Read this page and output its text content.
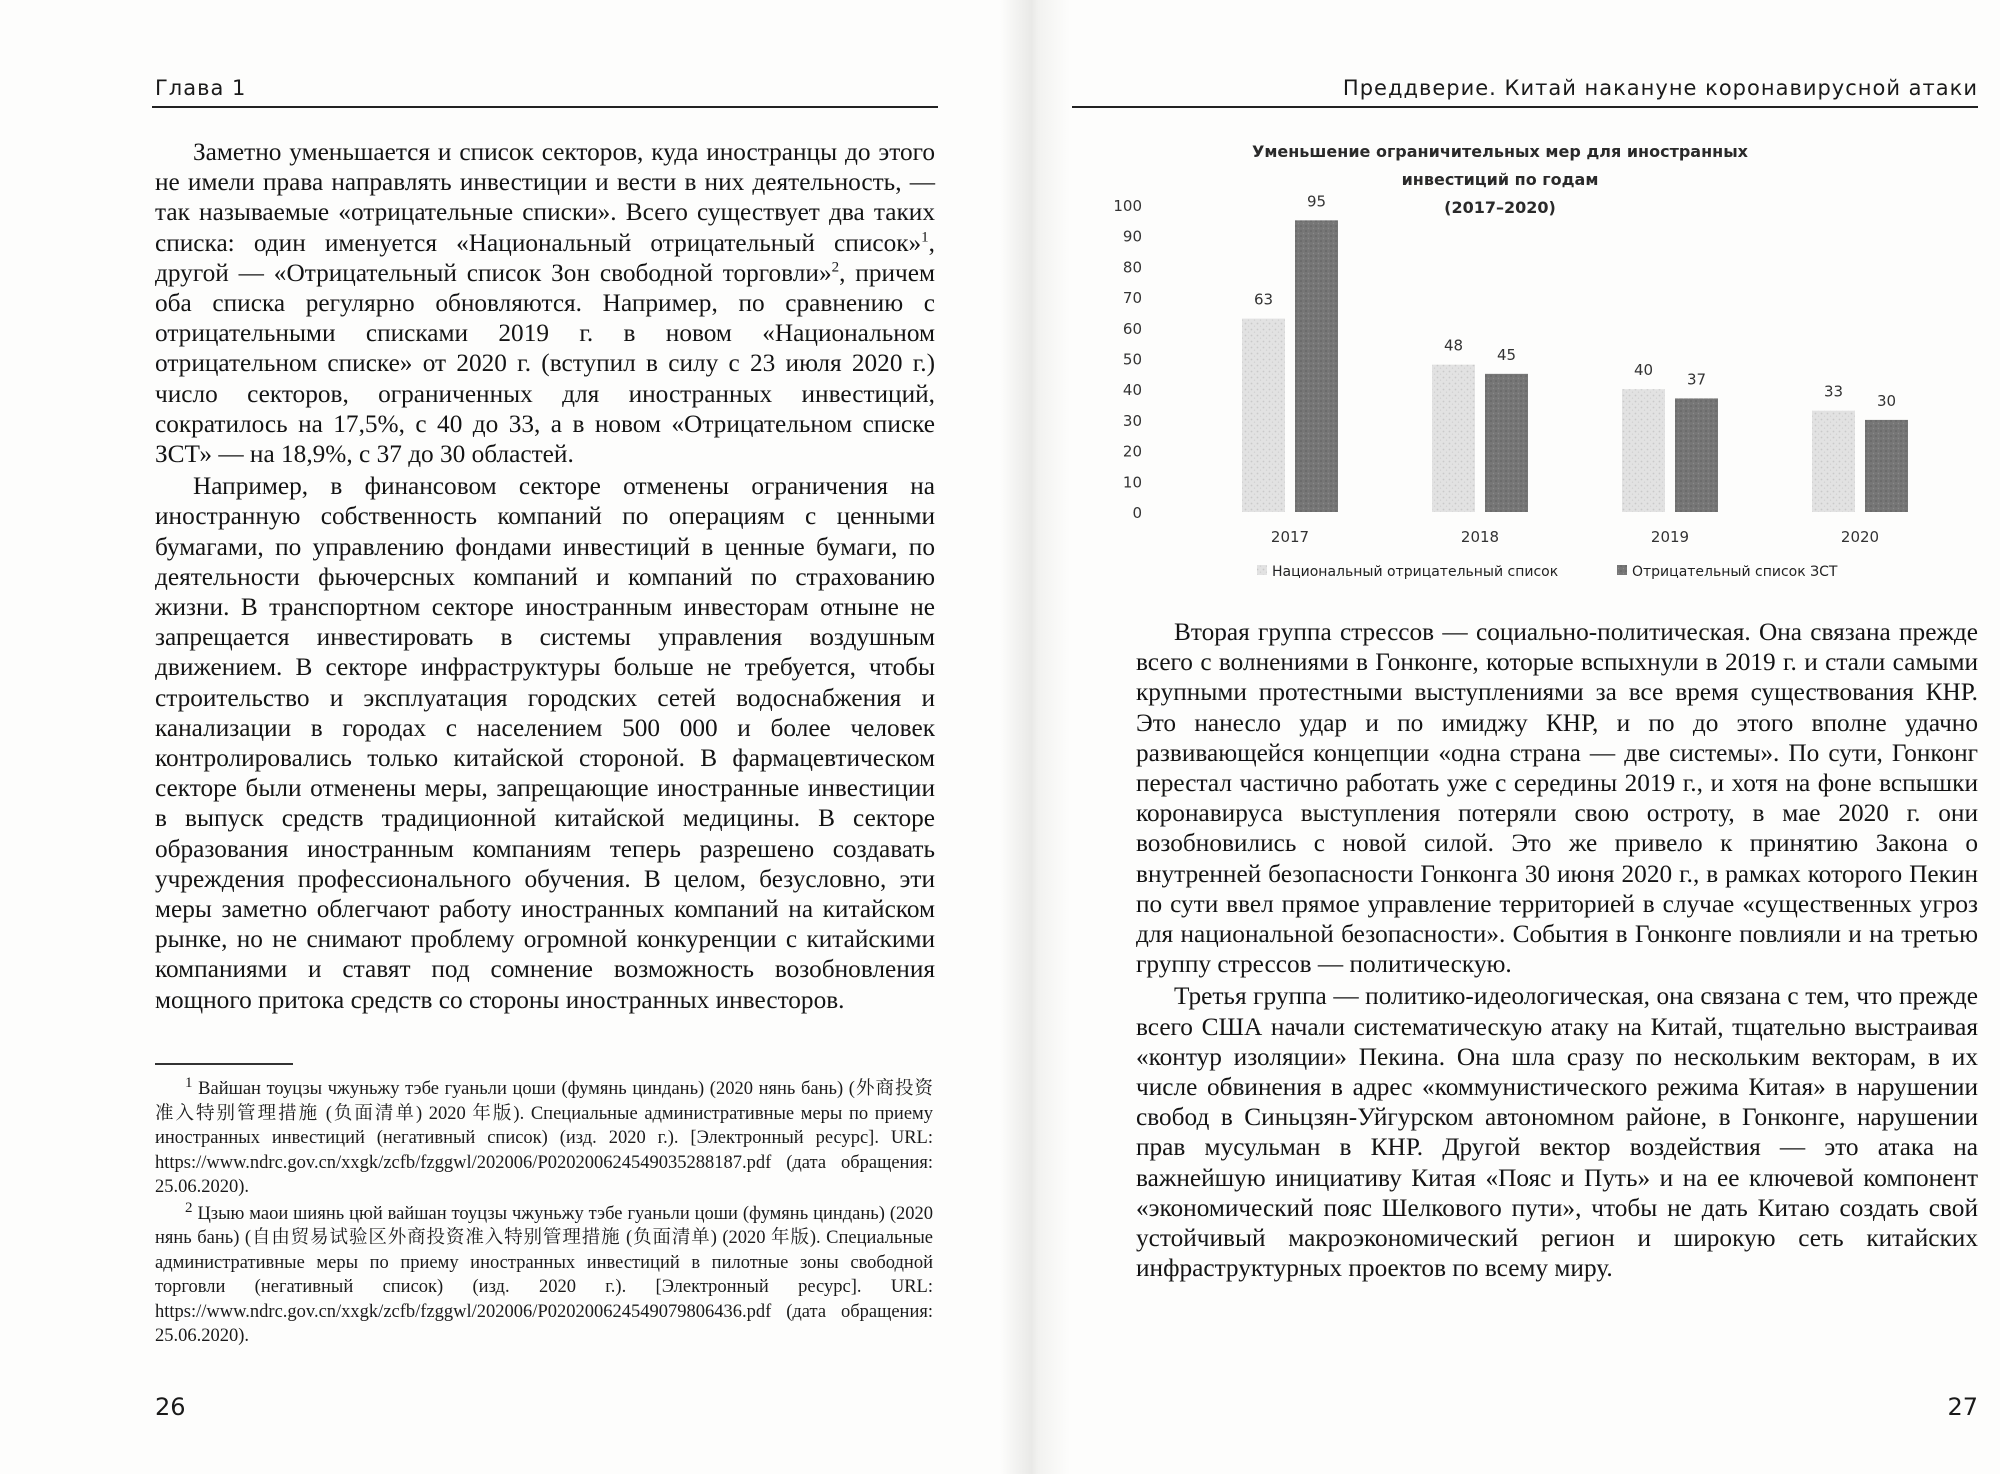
Глава 1

Заметно уменьшается и список секторов, куда иностранцы до этого не имели права направлять инвестиции и вести в них деятельность, — так называемые «отрицательные списки». Всего существует два таких списка: один именуется «Национальный отрицательный список»$^1$, другой — «Отрицательный список Зон свободной торговли»$^2$, причем оба списка регулярно обновляются. Например, по сравнению с отрицательными списками 2019 г. в новом «Национальном отрицательном списке» от 2020 г. (вступил в силу с 23 июля 2020 г.) число секторов, ограниченных для иностранных инвестиций, сократилось на 17,5%, с 40 до 33, а в новом «Отрицательном списке ЗСТ» — на 18,9%, с 37 до 30 областей.

Например, в финансовом секторе отменены ограничения на иностранную собственность компаний по операциям с ценными бумагами, по управлению фондами инвестиций в ценные бумаги, по деятельности фьючерсных компаний и компаний по страхованию жизни. В транспортном секторе иностранным инвесторам отныне не запрещается инвестировать в системы управления воздушным движением. В секторе инфраструктуры больше не требуется, чтобы строительство и эксплуатация городских сетей водоснабжения и канализации в городах с населением 500 000 и более человек контролировались только китайской стороной. В фармацевтическом секторе были отменены меры, запрещающие иностранные инвестиции в выпуск средств традиционной китайской медицины. В секторе образования иностранным компаниям теперь разрешено создавать учреждения профессионального обучения. В целом, безусловно, эти меры заметно облегчают работу иностранных компаний на китайском рынке, но не снимают проблему огромной конкуренции с китайскими компаниями и ставят под сомнение возможность возобновления мощного притока средств со стороны иностранных инвесторов.

$^1$ Вайшан тоуцзы чжуньжу тэбе гуаньли цоши (фумянь циндань) (2020 нянь бань) (外商投资准入特别管理措施 (负面清单) 2020 年版). Специальные административные меры по приему иностранных инвестиций (негативный список) (изд. 2020 г.). [Электронный ресурс]. URL: https://www.ndrc.gov.cn/xxgk/zcfb/fzggwl/202006/P020200624549035288187.pdf (дата обращения: 25.06.2020).

$^2$ Цзыю маои шиянь цюй вайшан тоуцзы чжуньжу тэбе гуаньли цоши (фумянь циндань) (2020 нянь бань) (自由贸易试验区外商投资准入特别管理措施 (负面清单) (2020 年版). Специальные административные меры по приему иностранных инвестиций в пилотные зоны свободной торговли (негативный список) (изд. 2020 г.). [Электронный ресурс]. URL: https://www.ndrc.gov.cn/xxgk/zcfb/fzggwl/202006/P020200624549079806436.pdf (дата обращения: 25.06.2020).

26
Преддверие. Китай накануне коронавирусной атаки
Уменьшение ограничительных мер для иностранных инвестиций по годам
(2017–2020)
0
10
20
30
40
50
60
70
80
90
100
63
95
2017
48
45
2018
40
37
2019
33
30
2020
Национальный отрицательный список	Отрицательный список ЗСТ

Вторая группа стрессов — социально-политическая. Она связана прежде всего с волнениями в Гонконге, которые вспыхнули в 2019 г. и стали самыми крупными протестными выступлениями за все время существования КНР. Это нанесло удар и по имиджу КНР, и по до этого вполне удачно развивающейся концепции «одна страна — две системы». По сути, Гонконг перестал частично работать уже с середины 2019 г., и хотя на фоне вспышки коронавируса выступления потеряли свою остроту, в мае 2020 г. они возобновились с новой силой. Это же привело к принятию Закона о внутренней безопасности Гонконга 30 июня 2020 г., в рамках которого Пекин по сути ввел прямое управление территорией в случае «существенных угроз для национальной безопасности». События в Гонконге повлияли и на третью группу стрессов — политическую.

Третья группа — политико-идеологическая, она связана с тем, что прежде всего США начали систематическую атаку на Китай, тщательно выстраивая «контур изоляции» Пекина. Она шла сразу по нескольким векторам, в их числе обвинения в адрес «коммунистического режима Китая» в нарушении свобод в Синьцзян-Уйгурском автономном районе, в Гонконге, нарушении прав мусульман в КНР. Другой вектор воздействия — это атака на важнейшую инициативу Китая «Пояс и Путь» и на ее ключевой компонент «экономический пояс Шелкового пути», чтобы не дать Китаю создать свой устойчивый макроэкономический регион и широкую сеть китайских инфраструктурных проектов по всему миру.

27
